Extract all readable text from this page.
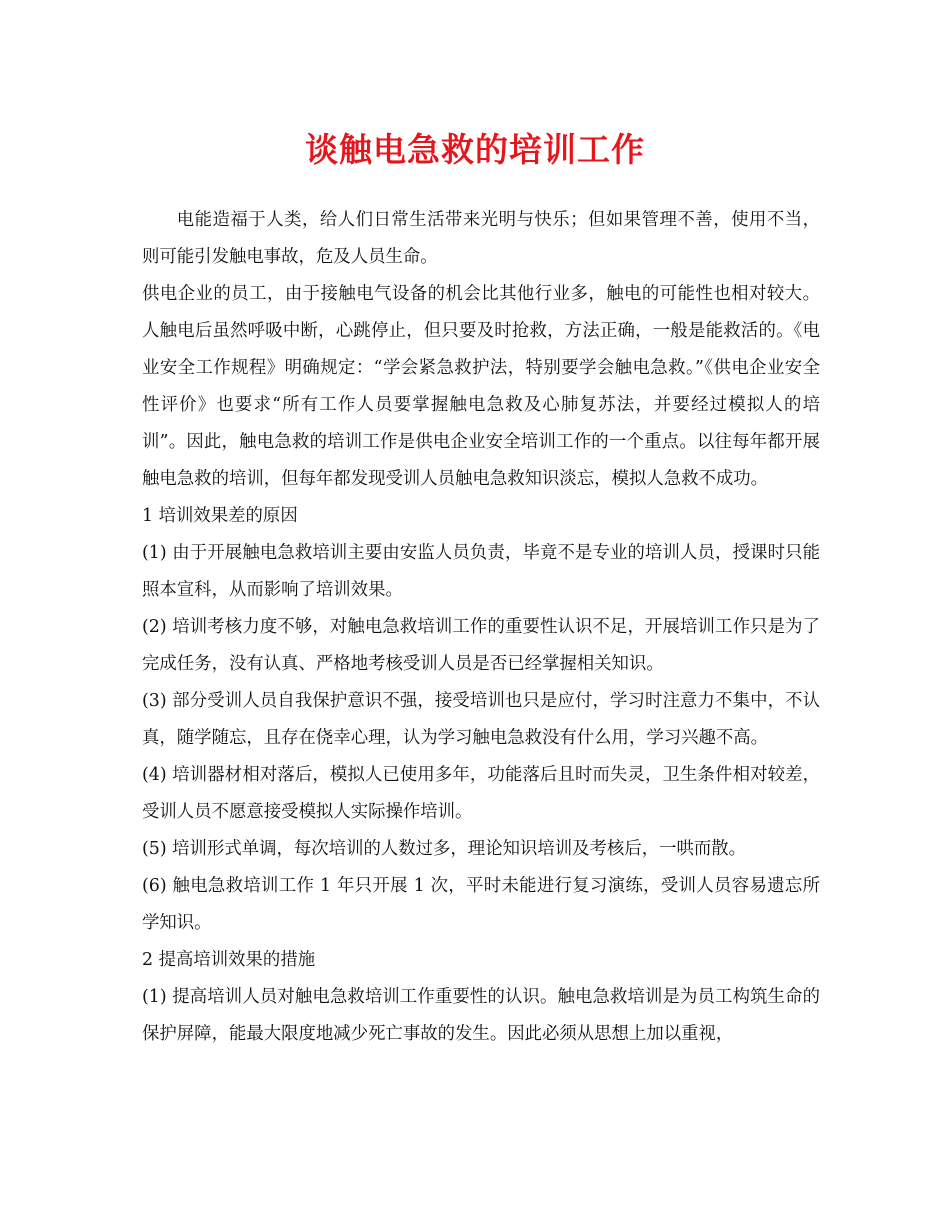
谈触电急救的培训工作

电能造福于人类，给人们日常生活带来光明与快乐；但如果管理不善，使用不当，则可能引发触电事故，危及人员生命。

供电企业的员工，由于接触电气设备的机会比其他行业多，触电的可能性也相对较大。人触电后虽然呼吸中断，心跳停止，但只要及时抢救，方法正确，一般是能救活的。《电业安全工作规程》明确规定：“学会紧急救护法，特别要学会触电急救。”《供电企业安全性评价》也要求“所有工作人员要掌握触电急救及心肺复苏法，并要经过模拟人的培训”。因此，触电急救的培训工作是供电企业安全培训工作的一个重点。以往每年都开展触电急救的培训，但每年都发现受训人员触电急救知识淡忘，模拟人急救不成功。

1 培训效果差的原因

(1) 由于开展触电急救培训主要由安监人员负责，毕竟不是专业的培训人员，授课时只能照本宣科，从而影响了培训效果。

(2) 培训考核力度不够，对触电急救培训工作的重要性认识不足，开展培训工作只是为了完成任务，没有认真、严格地考核受训人员是否已经掌握相关知识。

(3) 部分受训人员自我保护意识不强，接受培训也只是应付，学习时注意力不集中，不认真，随学随忘，且存在侥幸心理，认为学习触电急救没有什么用，学习兴趣不高。

(4) 培训器材相对落后，模拟人已使用多年，功能落后且时而失灵，卫生条件相对较差，受训人员不愿意接受模拟人实际操作培训。

(5) 培训形式单调，每次培训的人数过多，理论知识培训及考核后，一哄而散。

(6) 触电急救培训工作 1 年只开展 1 次，平时未能进行复习演练，受训人员容易遗忘所学知识。

2 提高培训效果的措施

(1) 提高培训人员对触电急救培训工作重要性的认识。触电急救培训是为员工构筑生命的保护屏障，能最大限度地减少死亡事故的发生。因此必须从思想上加以重视，
